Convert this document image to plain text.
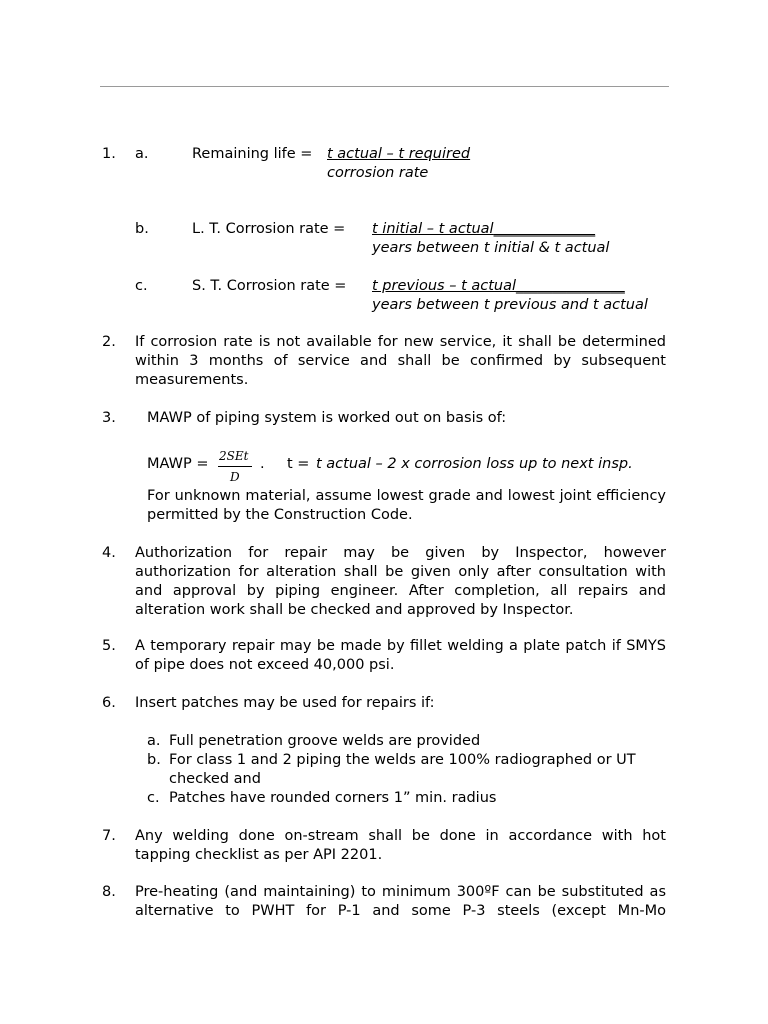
1. a.	Remaining life = t actual – t required
corrosion rate
b.	L. T. Corrosion rate = t initial – t actual______________
years between t initial & t actual
c.	S. T. Corrosion rate = t previous – t actual_______________
years between t previous and t actual
2. If corrosion rate is not available for new service, it shall be determined within 3 months of service and shall be confirmed by subsequent measurements.
3. MAWP of piping system is worked out on basis of:
MAWP = 2SEt
D
. t = t actual – 2 x corrosion loss up to next insp.
For unknown material, assume lowest grade and lowest joint efficiency permitted by the Construction Code.
4. Authorization for repair may be given by Inspector, however authorization for alteration shall be given only after consultation with and approval by piping engineer. After completion, all repairs and alteration work shall be checked and approved by Inspector.
5. A temporary repair may be made by fillet welding a plate patch if SMYS of pipe does not exceed 40,000 psi.
6. Insert patches may be used for repairs if:
a. Full penetration groove welds are provided
b. For class 1 and 2 piping the welds are 100% radiographed or UT checked and
c. Patches have rounded corners 1” min. radius
7. Any welding done on-stream shall be done in accordance with hot tapping checklist as per API 2201.
8. Pre-heating (and maintaining) to minimum 300ºF can be substituted as alternative to PWHT for P-1 and some P-3 steels (except Mn-Mo
